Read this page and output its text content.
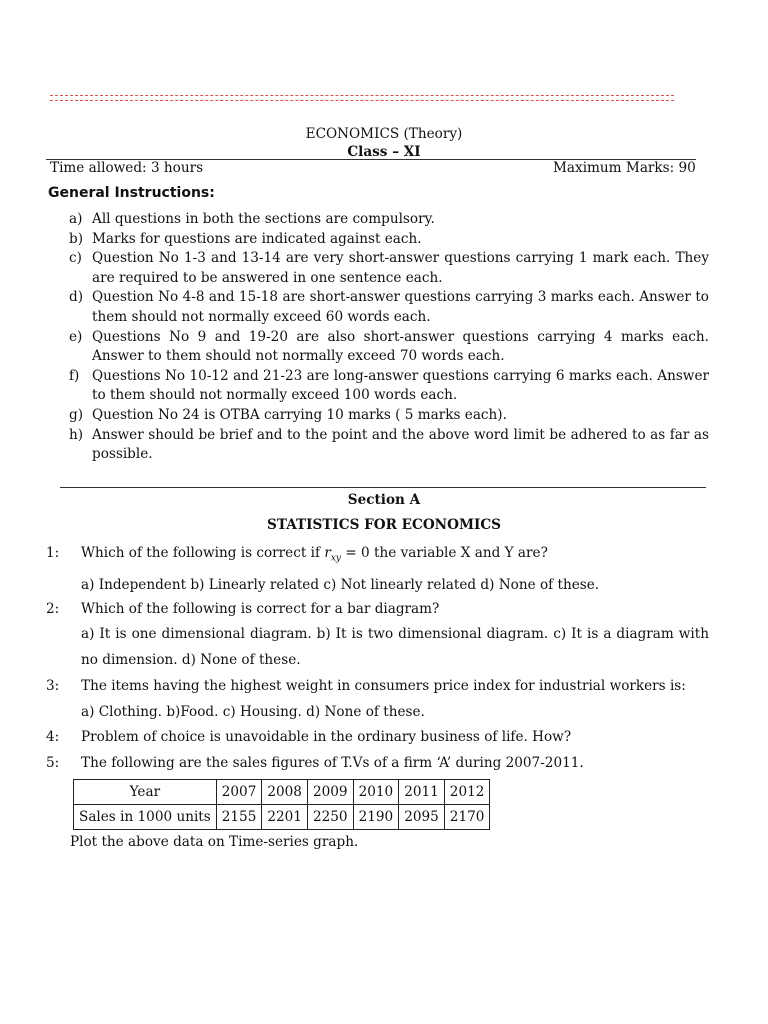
ECONOMICS (Theory)
Class – XI
Time allowed: 3 hours	Maximum Marks: 90
General Instructions:
a) All questions in both the sections are compulsory.
b) Marks for questions are indicated against each.
c) Question No 1-3 and 13-14 are very short-answer questions carrying 1 mark each. They are required to be answered in one sentence each.
d) Question No 4-8 and 15-18 are short-answer questions carrying 3 marks each. Answer to them should not normally exceed 60 words each.
e) Questions No 9 and 19-20 are also short-answer questions carrying 4 marks each. Answer to them should not normally exceed 70 words each.
f) Questions No 10-12 and 21-23 are long-answer questions carrying 6 marks each. Answer to them should not normally exceed 100 words each.
g) Question No 24 is OTBA carrying 10 marks ( 5 marks each).
h) Answer should be brief and to the point and the above word limit be adhered to as far as possible.
Section A
STATISTICS FOR ECONOMICS
1: Which of the following is correct if $r_{xy} = 0$ the variable X and Y are?
a) Independent b) Linearly related c) Not linearly related d) None of these.
2: Which of the following is correct for a bar diagram?
a) It is one dimensional diagram. b) It is two dimensional diagram. c) It is a diagram with no dimension. d) None of these.
3: The items having the highest weight in consumers price index for industrial workers is:
a) Clothing. b)Food. c) Housing. d) None of these.
4: Problem of choice is unavoidable in the ordinary business of life. How?
5: The following are the sales figures of T.Vs of a firm ‘A’ during 2007-2011.
Year	2007	2008	2009	2010	2011	2012
Sales in 1000 units	2155	2201	2250	2190	2095	2170
Plot the above data on Time-series graph.
